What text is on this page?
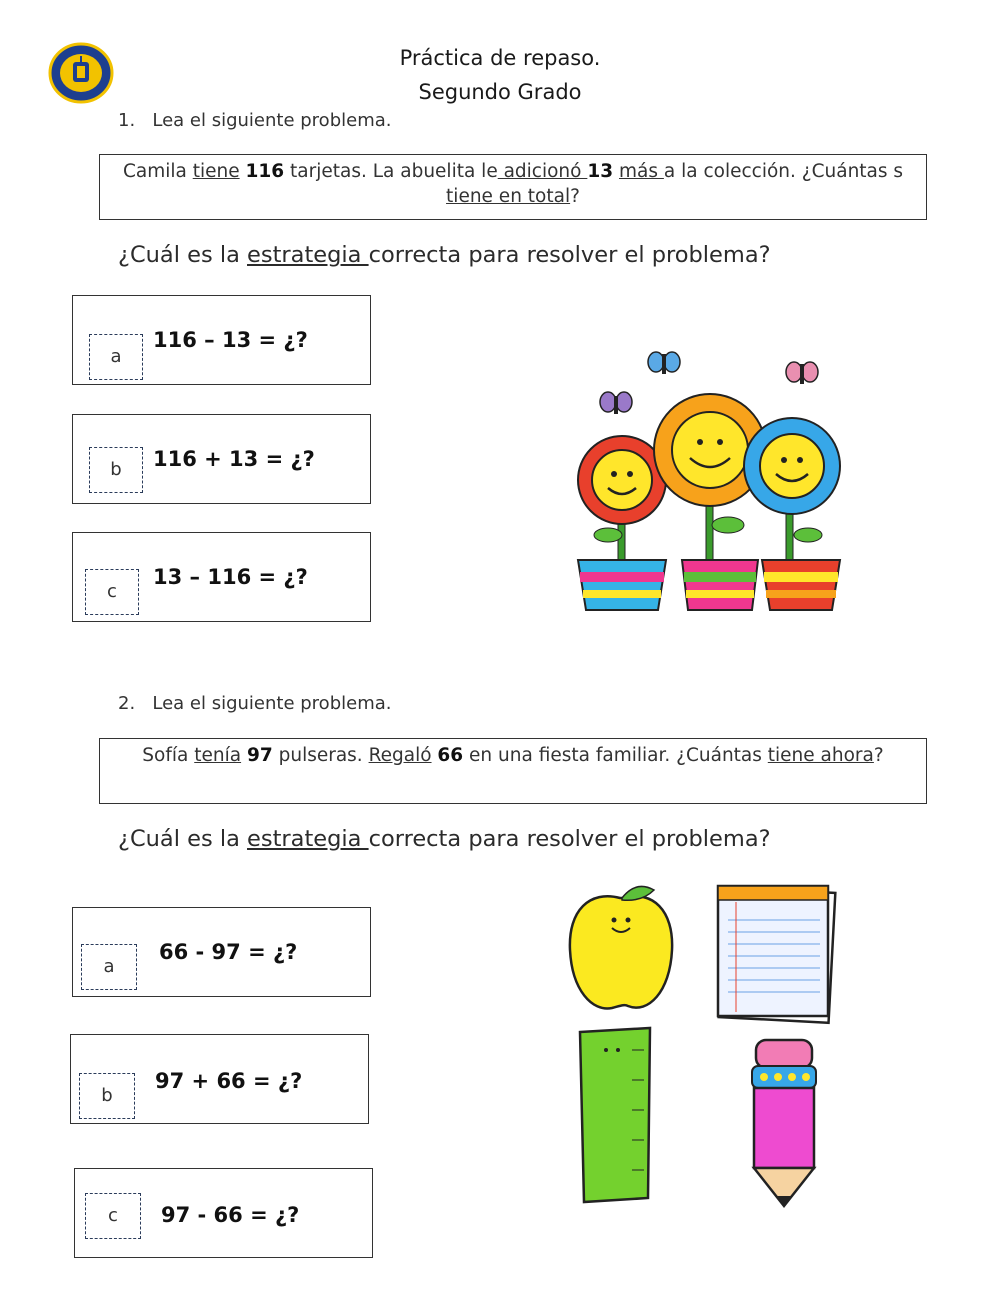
Práctica de repaso.
Segundo Grado
1. Lea el siguiente problema.
Camila tiene 116 tarjetas. La abuelita le adicionó 13 más a la colección. ¿Cuántas s
tiene en total?
¿Cuál es la estrategia correcta para resolver el problema?
a
116 – 13 = ¿?
b	116 + 13 = ¿?
c
13 – 116 = ¿?
2. Lea el siguiente problema.
Sofía tenía 97 pulseras. Regaló 66 en una fiesta familiar. ¿Cuántas tiene ahora?
¿Cuál es la estrategia correcta para resolver el problema?
a
66 - 97 = ¿?
b
97 + 66 = ¿?
c	97 - 66 = ¿?
